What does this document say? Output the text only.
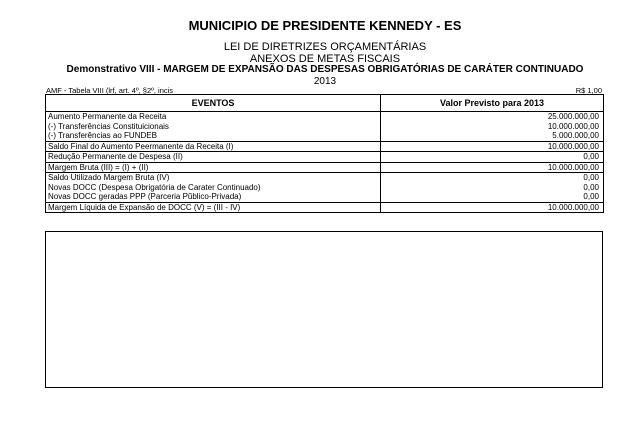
MUNICIPIO DE PRESIDENTE KENNEDY - ES
LEI DE DIRETRIZES ORÇAMENTÁRIAS
ANEXOS DE METAS FISCAIS
Demonstrativo VIII - MARGEM DE EXPANSÃO DAS DESPESAS OBRIGATÓRIAS DE CARÁTER CONTINUADO
2013
AMF - Tabela VIII (lrf, art. 4º, §2º, incis	R$ 1,00
EVENTOS	Valor Previsto para 2013
Aumento Permanente da Receita	25.000.000,00
(-) Transferências Constituicionais	10.000.000,00
(-) Transferências ao FUNDEB	5.000.000,00
Saldo Final do Aumento Peermanente da Receita (I)	10.000.000,00
Redução Permanente de Despesa (II)	0,00
Margem Bruta (III) = (I) + (II)	10.000.000,00
Saldo Utilizado Margem Bruta (IV)	0,00
Novas DOCC (Despesa Obrigatória de Carater Continuado)	0,00
Novas DOCC geradas PPP (Parceria Pũblico-Privada)	0,00
Margem Líquida de Expansão de DOCC (V) = (III - IV)	10.000.000,00
